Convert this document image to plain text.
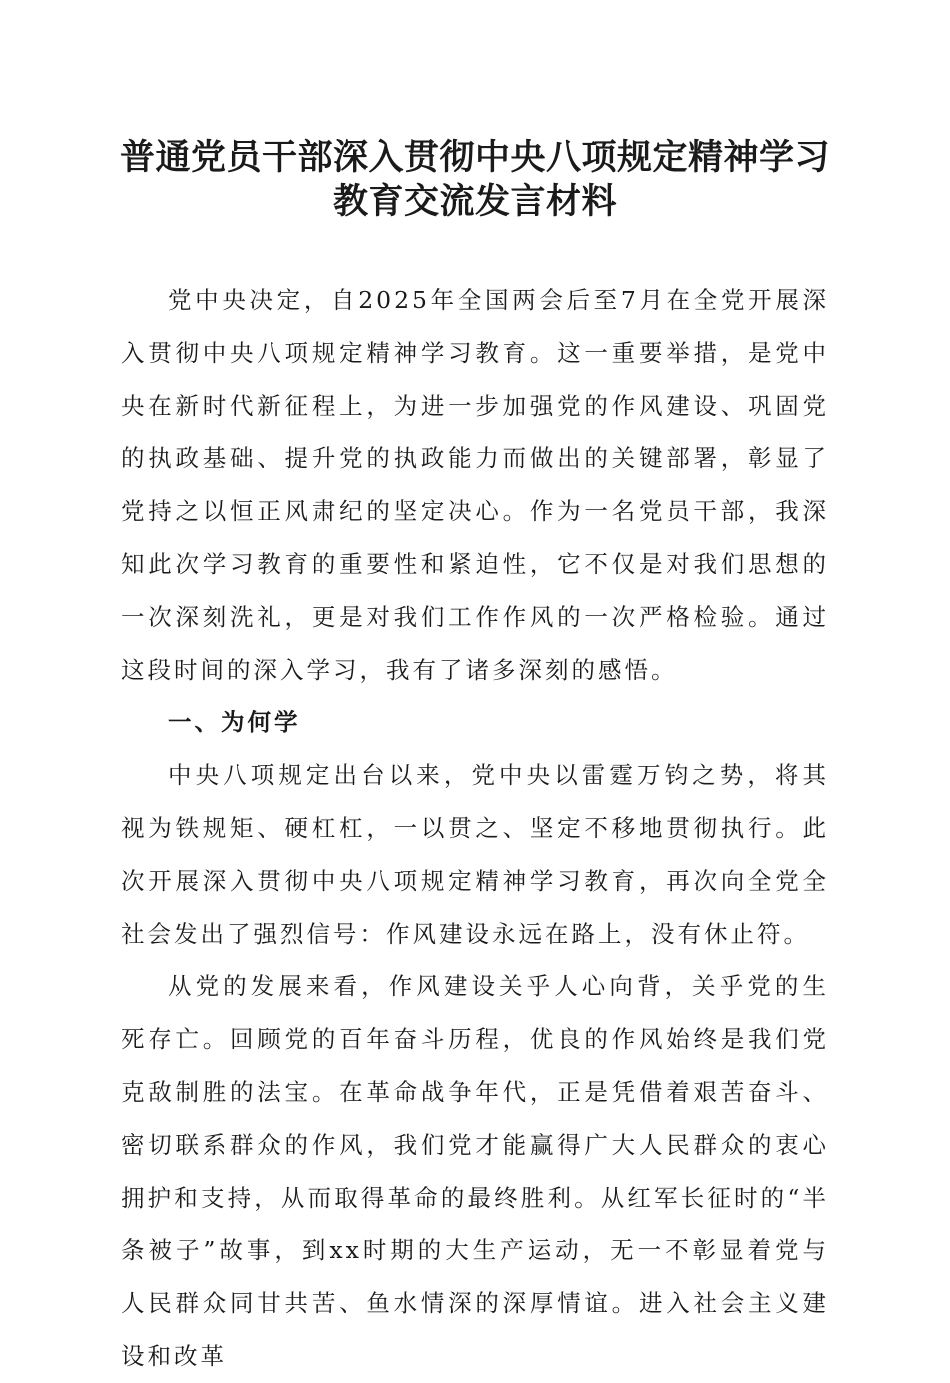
普通党员干部深入贯彻中央八项规定精神学习
教育交流发言材料

党中央决定，自2025年全国两会后至7月在全党开展深入贯彻中央八项规定精神学习教育。这一重要举措，是党中央在新时代新征程上，为进一步加强党的作风建设、巩固党的执政基础、提升党的执政能力而做出的关键部署，彰显了党持之以恒正风肃纪的坚定决心。作为一名党员干部，我深知此次学习教育的重要性和紧迫性，它不仅是对我们思想的一次深刻洗礼，更是对我们工作作风的一次严格检验。通过这段时间的深入学习，我有了诸多深刻的感悟。

一、为何学

中央八项规定出台以来，党中央以雷霆万钧之势，将其视为铁规矩、硬杠杠，一以贯之、坚定不移地贯彻执行。此次开展深入贯彻中央八项规定精神学习教育，再次向全党全社会发出了强烈信号：作风建设永远在路上，没有休止符。

从党的发展来看，作风建设关乎人心向背，关乎党的生死存亡。回顾党的百年奋斗历程，优良的作风始终是我们党克敌制胜的法宝。在革命战争年代，正是凭借着艰苦奋斗、密切联系群众的作风，我们党才能赢得广大人民群众的衷心拥护和支持，从而取得革命的最终胜利。从红军长征时的“半条被子”故事，到xx时期的大生产运动，无一不彰显着党与人民群众同甘共苦、鱼水情深的深厚情谊。进入社会主义建设和改革
